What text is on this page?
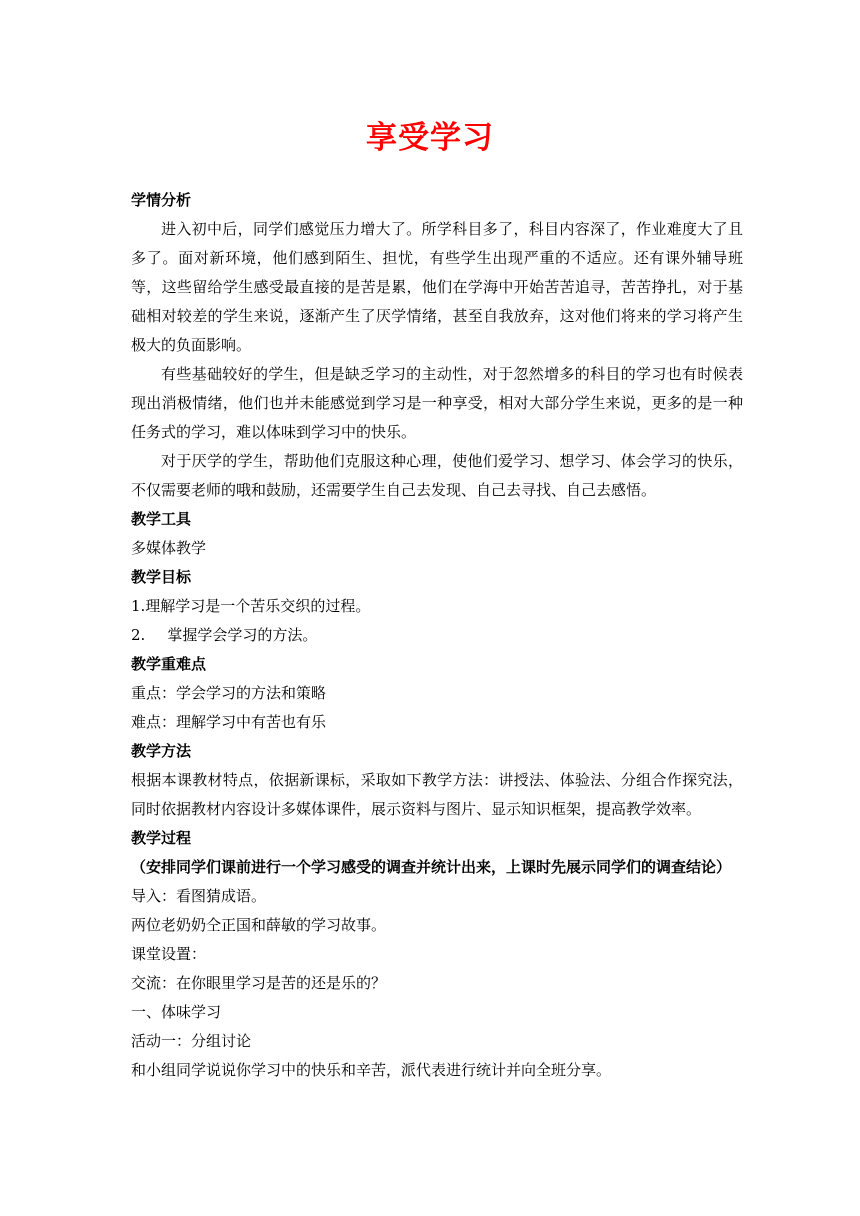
享受学习

学情分析

进入初中后，同学们感觉压力增大了。所学科目多了，科目内容深了，作业难度大了且多了。面对新环境，他们感到陌生、担忧，有些学生出现严重的不适应。还有课外辅导班等，这些留给学生感受最直接的是苦是累，他们在学海中开始苦苦追寻，苦苦挣扎，对于基础相对较差的学生来说，逐渐产生了厌学情绪，甚至自我放弃，这对他们将来的学习将产生极大的负面影响。

有些基础较好的学生，但是缺乏学习的主动性，对于忽然增多的科目的学习也有时候表现出消极情绪，他们也并未能感觉到学习是一种享受，相对大部分学生来说，更多的是一种任务式的学习，难以体味到学习中的快乐。

对于厌学的学生，帮助他们克服这种心理，使他们爱学习、想学习、体会学习的快乐，不仅需要老师的哦和鼓励，还需要学生自己去发现、自己去寻找、自己去感悟。

教学工具

多媒体教学

教学目标

1.理解学习是一个苦乐交织的过程。

2. 掌握学会学习的方法。

教学重难点

重点：学会学习的方法和策略

难点：理解学习中有苦也有乐

教学方法

根据本课教材特点，依据新课标，采取如下教学方法：讲授法、体验法、分组合作探究法，同时依据教材内容设计多媒体课件，展示资料与图片、显示知识框架，提高教学效率。

教学过程

（安排同学们课前进行一个学习感受的调查并统计出来，上课时先展示同学们的调查结论）

导入：看图猜成语。

两位老奶奶仝正国和薛敏的学习故事。

课堂设置：

交流：在你眼里学习是苦的还是乐的？

一、体味学习

活动一：分组讨论

和小组同学说说你学习中的快乐和辛苦，派代表进行统计并向全班分享。
